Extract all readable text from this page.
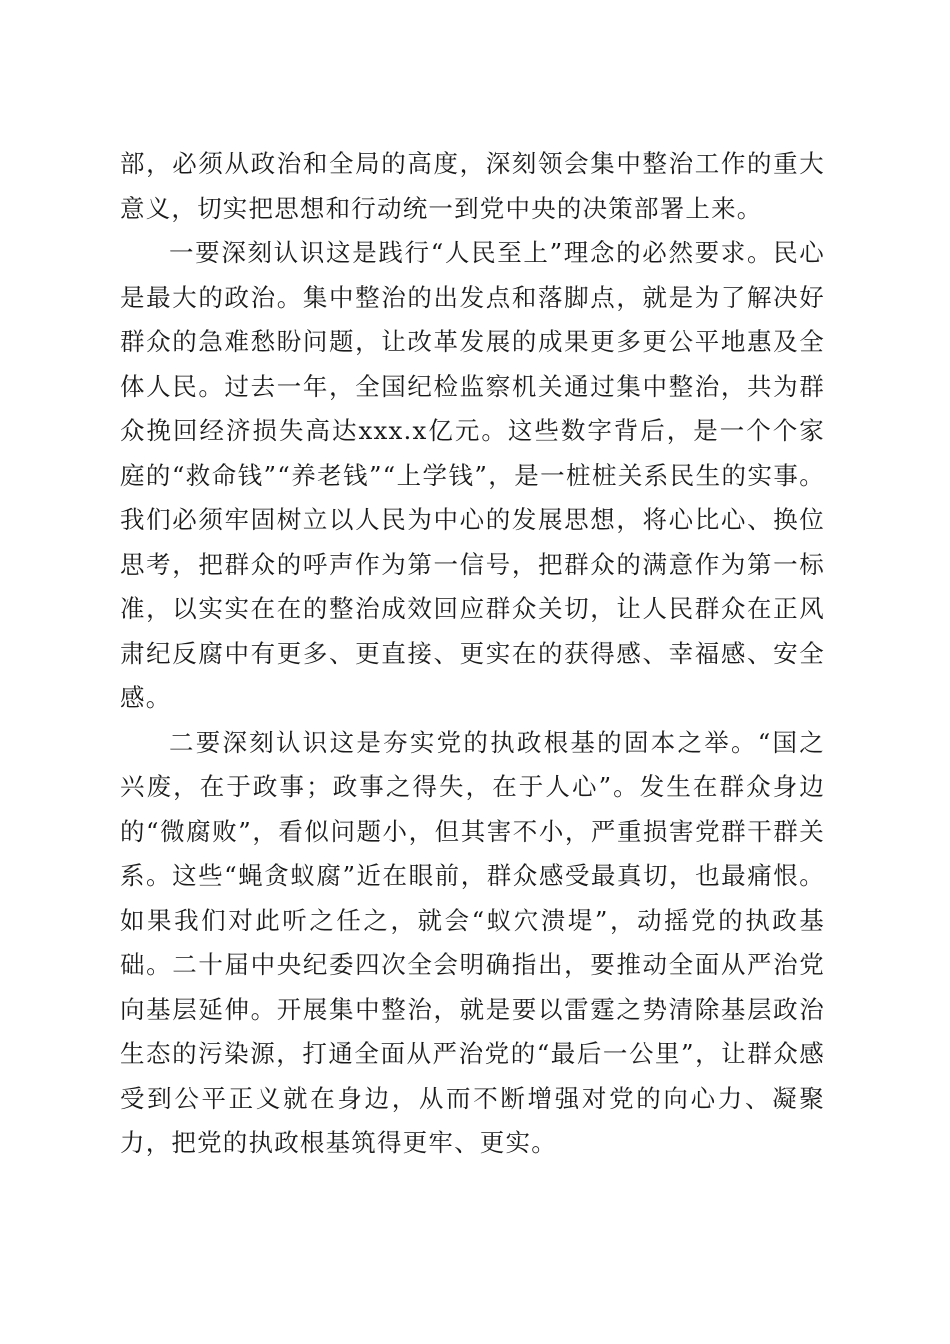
部，必须从政治和全局的高度，深刻领会集中整治工作的重大意义，切实把思想和行动统一到党中央的决策部署上来。

一要深刻认识这是践行“人民至上”理念的必然要求。民心是最大的政治。集中整治的出发点和落脚点，就是为了解决好群众的急难愁盼问题，让改革发展的成果更多更公平地惠及全体人民。过去一年，全国纪检监察机关通过集中整治，共为群众挽回经济损失高达xxx.x亿元。这些数字背后，是一个个家庭的“救命钱”“养老钱”“上学钱”，是一桩桩关系民生的实事。我们必须牢固树立以人民为中心的发展思想，将心比心、换位思考，把群众的呼声作为第一信号，把群众的满意作为第一标准，以实实在在的整治成效回应群众关切，让人民群众在正风肃纪反腐中有更多、更直接、更实在的获得感、幸福感、安全感。

二要深刻认识这是夯实党的执政根基的固本之举。“国之兴废，在于政事；政事之得失，在于人心”。发生在群众身边的“微腐败”，看似问题小，但其害不小，严重损害党群干群关系。这些“蝇贪蚁腐”近在眼前，群众感受最真切，也最痛恨。如果我们对此听之任之，就会“蚁穴溃堤”，动摇党的执政基础。二十届中央纪委四次全会明确指出，要推动全面从严治党向基层延伸。开展集中整治，就是要以雷霆之势清除基层政治生态的污染源，打通全面从严治党的“最后一公里”，让群众感受到公平正义就在身边，从而不断增强对党的向心力、凝聚力，把党的执政根基筑得更牢、更实。
